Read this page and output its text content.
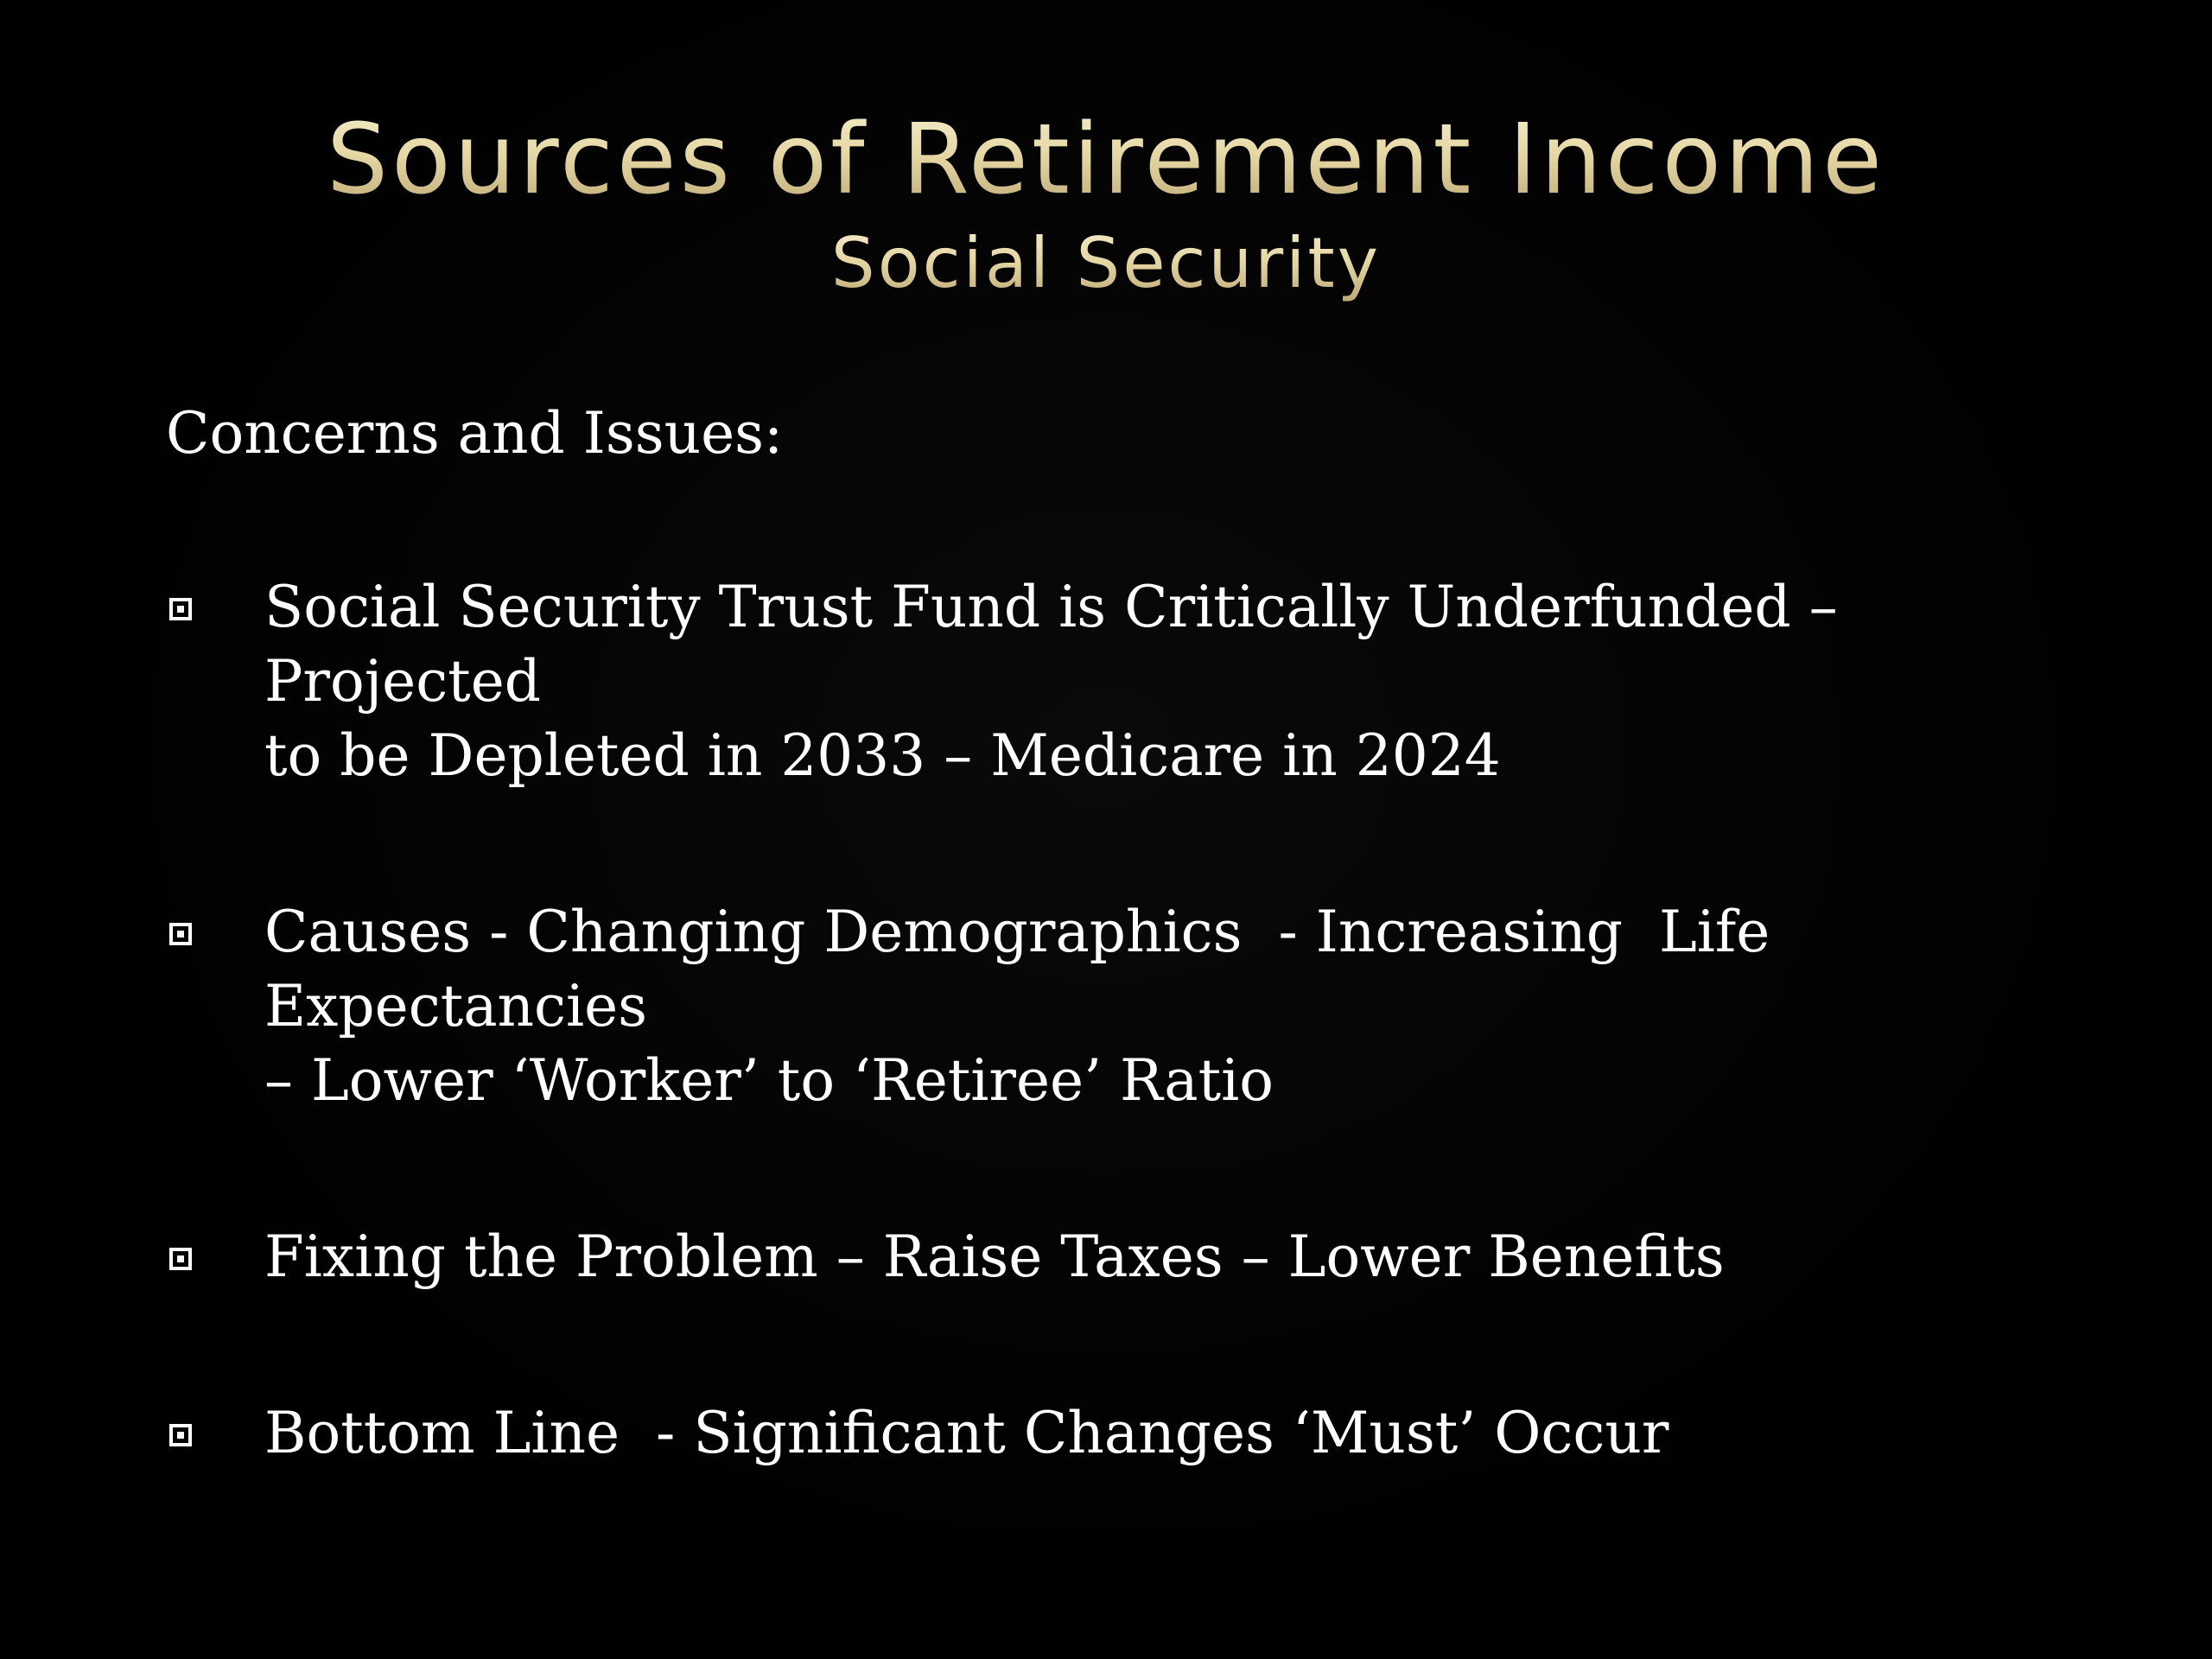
Sources of Retirement Income
Social Security
Concerns and Issues:
Social Security Trust Fund is Critically Underfunded – Projected
to be Depleted in 2033 – Medicare in 2024
Causes - Changing Demographics  - Increasing  Life Expectancies
– Lower ‘Worker’ to ‘Retiree’ Ratio
Fixing the Problem – Raise Taxes – Lower Benefits
Bottom Line  - Significant Changes ‘Must’ Occur
